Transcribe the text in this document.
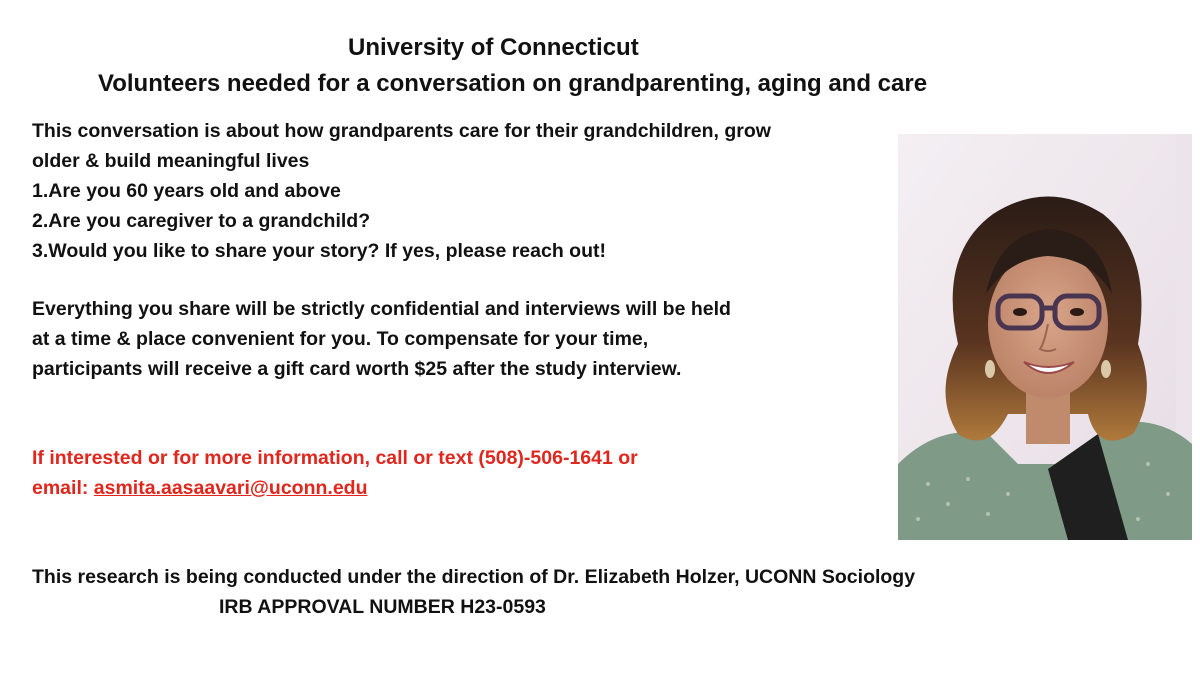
University of Connecticut
Volunteers needed for a conversation on grandparenting, aging and care
This conversation is about how grandparents care for their grandchildren, grow
older & build meaningful lives
1.Are you 60 years old and above
2.Are you caregiver to a grandchild?
3.Would you like to share your story? If yes, please reach out!
Everything you share will be strictly confidential and interviews will be held
at a time & place convenient for you. To compensate for your time,
participants will receive a gift card worth $25 after the study interview.
If interested or for more information, call or text (508)-506-1641 or
email: asmita.aasaavari@uconn.edu
This research is being conducted under the direction of Dr. Elizabeth Holzer, UCONN Sociology
IRB APPROVAL NUMBER H23-0593
